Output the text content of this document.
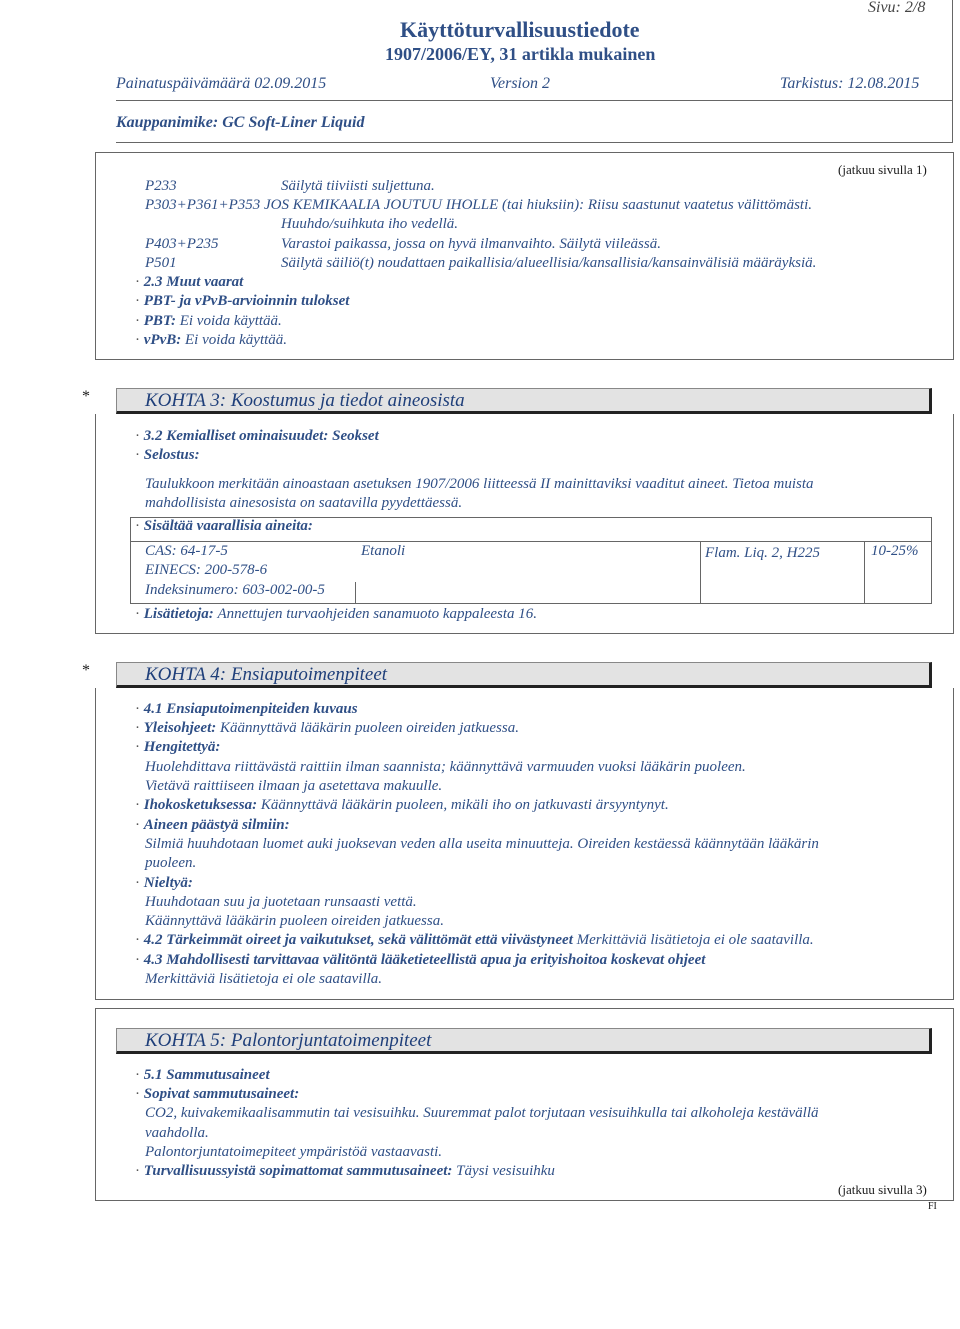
Sivu: 2/8
Käyttöturvallisuustiedote
1907/2006/EY, 31 artikla mukainen
Painatuspäivämäärä 02.09.2015	Version 2	Tarkistus: 12.08.2015
Kauppanimike: GC Soft-Liner Liquid
(jatkuu sivulla 1)
P233	Säilytä tiiviisti suljettuna.
P303+P361+P353 JOS KEMIKAALIA JOUTUU IHOLLE (tai hiuksiin): Riisu saastunut vaatetus välittömästi.
Huuhdo/suihkuta iho vedellä.
P403+P235	Varastoi paikassa, jossa on hyvä ilmanvaihto. Säilytä viileässä.
P501	Säilytä säiliö(t) noudattaen paikallisia/alueellisia/kansallisia/kansainvälisiä määräyksiä.
· 2.3 Muut vaarat
· PBT- ja vPvB-arvioinnin tulokset
· PBT: Ei voida käyttää.
· vPvB: Ei voida käyttää.
*	KOHTA 3: Koostumus ja tiedot aineosista
· 3.2 Kemialliset ominaisuudet: Seokset
· Selostus:
Taulukkoon merkitään ainoastaan asetuksen 1907/2006 liitteessä II mainittaviksi vaaditut aineet. Tietoa muista
mahdollisista ainesosista on saatavilla pyydettäessä.
· Sisältää vaarallisia aineita:
CAS: 64-17-5
EINECS: 200-578-6
Indeksinumero: 603-002-00-5
Etanoli	Flam. Liq. 2, H225	10-25%
· Lisätietoja: Annettujen turvaohjeiden sanamuoto kappaleesta 16.
*	KOHTA 4: Ensiaputoimenpiteet
· 4.1 Ensiaputoimenpiteiden kuvaus
· Yleisohjeet: Käännyttävä lääkärin puoleen oireiden jatkuessa.
· Hengitettyä:
Huolehdittava riittävästä raittiin ilman saannista; käännyttävä varmuuden vuoksi lääkärin puoleen.
Vietävä raittiiseen ilmaan ja asetettava makuulle.
· Ihokosketuksessa: Käännyttävä lääkärin puoleen, mikäli iho on jatkuvasti ärsyyntynyt.
· Aineen päästyä silmiin:
Silmiä huuhdotaan luomet auki juoksevan veden alla useita minuutteja. Oireiden kestäessä käännytään lääkärin
puoleen.
· Nieltyä:
Huuhdotaan suu ja juotetaan runsaasti vettä.
Käännyttävä lääkärin puoleen oireiden jatkuessa.
· 4.2 Tärkeimmät oireet ja vaikutukset, sekä välittömät että viivästyneet Merkittäviä lisätietoja ei ole saatavilla.
· 4.3 Mahdollisesti tarvittavaa välitöntä lääketieteellistä apua ja erityishoitoa koskevat ohjeet
Merkittäviä lisätietoja ei ole saatavilla.
KOHTA 5: Palontorjuntatoimenpiteet
· 5.1 Sammutusaineet
· Sopivat sammutusaineet:
CO2, kuivakemikaalisammutin tai vesisuihku. Suuremmat palot torjutaan vesisuihkulla tai alkoholeja kestävällä
vaahdolla.
Palontorjuntatoimepiteet ympäristöä vastaavasti.
· Turvallisuussyistä sopimattomat sammutusaineet: Täysi vesisuihku
(jatkuu sivulla 3)
FI
